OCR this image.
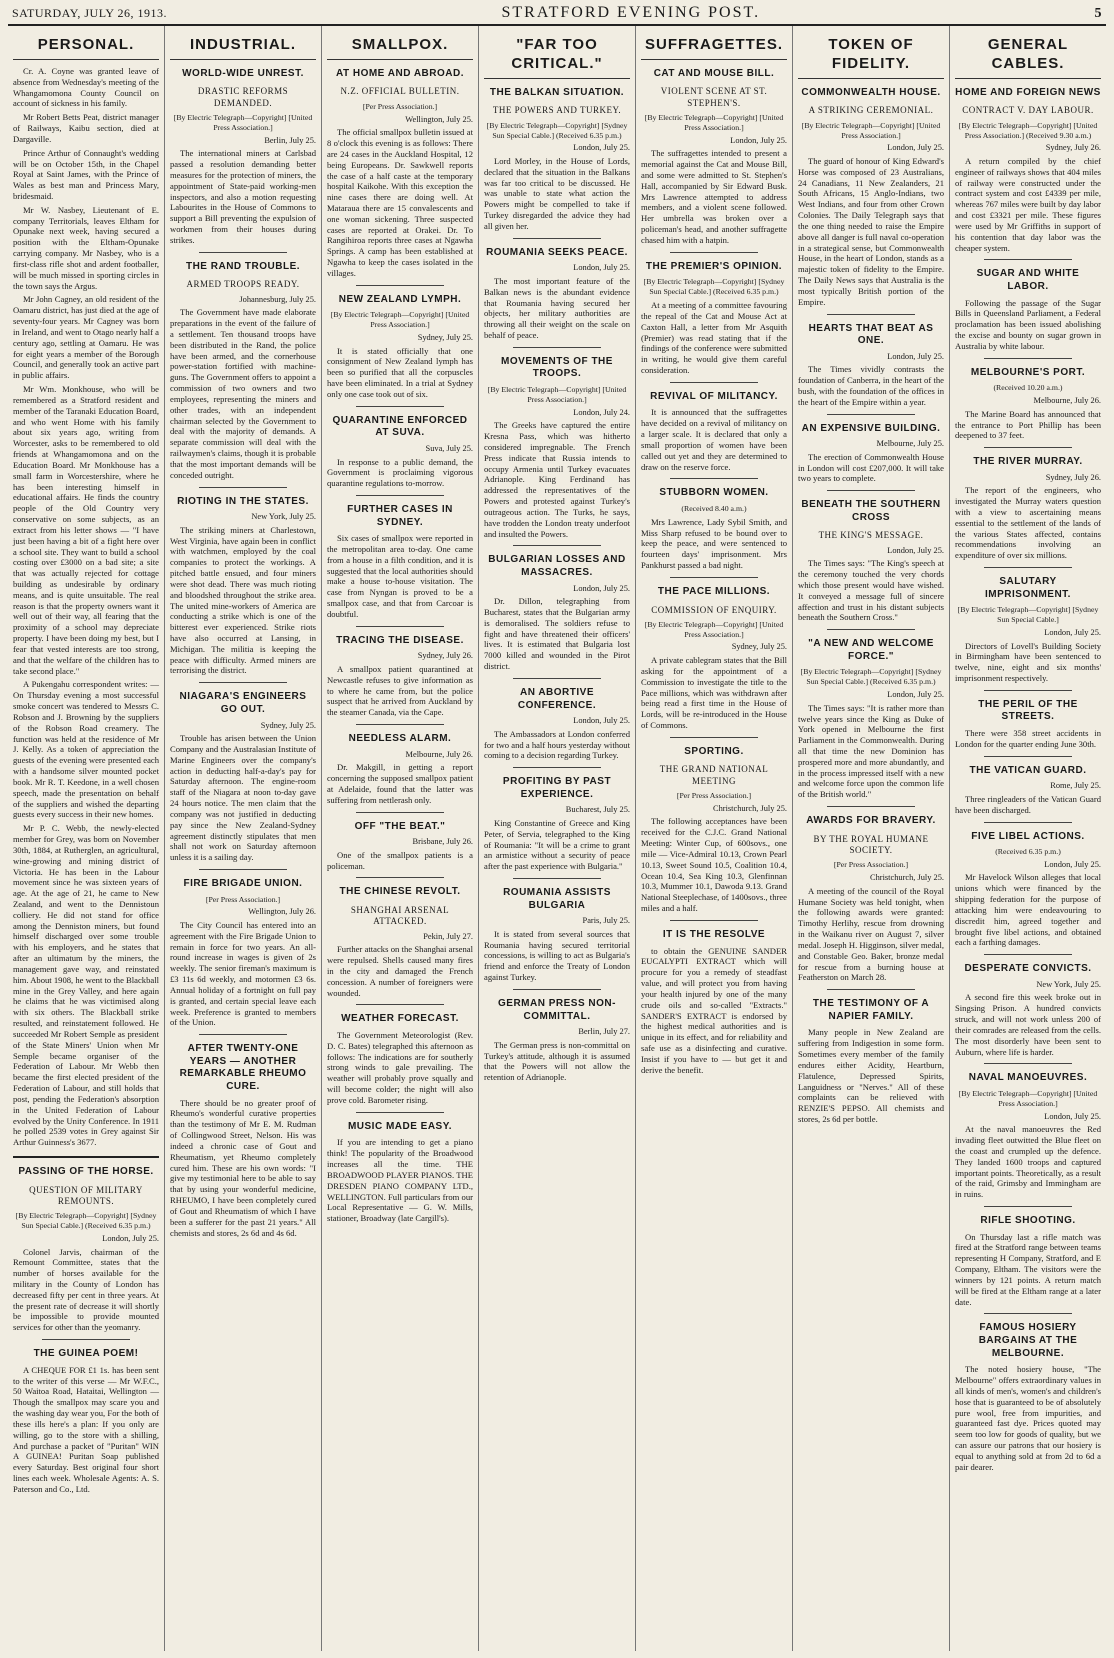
SATURDAY, JULY 26, 1913.	STRATFORD EVENING POST.	5
PERSONAL.

Cr. A. Coyne was granted leave of absence from Wednesday's meeting of the Whangamomona County Council on account of sickness in his family.

Mr Robert Betts Peat, district manager of Railways, Kaibu section, died at Dargaville.

Prince Arthur of Connaught's wedding will be on October 15th, in the Chapel Royal at Saint James, with the Prince of Wales as best man and Princess Mary, bridesmaid.

Mr W. Nasbey, Lieutenant of E. company Territorials, leaves Eltham for Opunake next week, having secured a position with the Eltham-Opunake carrying company. Mr Nasbey, who is a first-class rifle shot and ardent footballer, will be much missed in sporting circles in the town says the Argus.

Mr John Cagney, an old resident of the Oamaru district, has just died at the age of seventy-four years. Mr Cagney was born in Ireland, and went to Otago nearly half a century ago, settling at Oamaru. He was for eight years a member of the Borough Council, and generally took an active part in public affairs.

Mr Wm. Monkhouse, who will be remembered as a Stratford resident and member of the Taranaki Education Board, and who went Home with his family about six years ago, writing from Worcester, asks to be remembered to old friends at Whangamomona and on the Education Board. Mr Monkhouse has a small farm in Worcestershire, where he has been interesting himself in educational affairs. He finds the country people of the Old Country very conservative on some subjects, as an extract from his letter shows — "I have just been having a bit of a fight here over a school site. They want to build a school costing over £3000 on a bad site; a site that was actually rejected for cottage building as undesirable by ordinary means, and is quite unsuitable. The real reason is that the property owners want it well out of their way, all fearing that the proximity of a school may depreciate property. I have been doing my best, but I fear that vested interests are too strong, and that the welfare of the children has to take second place."

A Pukengahu correspondent writes: — On Thursday evening a most successful smoke concert was tendered to Messrs C. Robson and J. Browning by the suppliers of the Robson Road creamery. The function was held at the residence of Mr J. Kelly. As a token of appreciation the guests of the evening were presented each with a handsome silver mounted pocket book. Mr R. T. Keedone, in a well chosen speech, made the presentation on behalf of the suppliers and wished the departing guests every success in their new homes.

Mr P. C. Webb, the newly-elected member for Grey, was born on November 30th, 1884, at Rutherglen, an agricultural, wine-growing and mining district of Victoria. He has been in the Labour movement since he was sixteen years of age. At the age of 21, he came to New Zealand, and went to the Dennistoun colliery. He did not stand for office among the Denniston miners, but found himself discharged over some trouble with his employers, and he states that after an ultimatum by the miners, the management gave way, and reinstated him. About 1908, he went to the Blackball mine in the Grey Valley, and here again he claims that he was victimised along with six others. The Blackball strike resulted, and reinstatement followed. He succeeded Mr Robert Semple as president of the State Miners' Union when Mr Semple became organiser of the Federation of Labour. Mr Webb then became the first elected president of the Federation of Labour, and still holds that post, pending the Federation's absorption in the United Federation of Labour evolved by the Unity Conference. In 1911 he polled 2539 votes in Grey against Sir Arthur Guinness's 3677.

PASSING OF THE HORSE.
QUESTION OF MILITARY REMOUNTS.
[By Electric Telegraph—Copyright] [Sydney Sun Special Cable.] (Received 6.35 p.m.)
London, July 25.

Colonel Jarvis, chairman of the Remount Committee, states that the number of horses available for the military in the County of London has decreased fifty per cent in three years. At the present rate of decrease it will shortly be impossible to provide mounted services for other than the yeomanry.

THE GUINEA POEM!

A CHEQUE FOR £1 1s. has been sent to the writer of this verse — Mr W.F.C., 50 Waitoa Road, Hataitai, Wellington — Though the smallpox may scare you and the washing day wear you, For the both of these ills here's a plan: If you only are willing, go to the store with a shilling, And purchase a packet of "Puritan" WIN A GUINEA! Puritan Soap published every Saturday. Best original four short lines each week. Wholesale Agents: A. S. Paterson and Co., Ltd.

INDUSTRIAL.
WORLD-WIDE UNREST.
DRASTIC REFORMS DEMANDED.
[By Electric Telegraph—Copyright] [United Press Association.]
Berlin, July 25.

The international miners at Carlsbad passed a resolution demanding better measures for the protection of miners, the appointment of State-paid working-men inspectors, and also a motion requesting Labourites in the House of Commons to support a Bill preventing the expulsion of workmen from their houses during strikes.

THE RAND TROUBLE.
ARMED TROOPS READY.
Johannesburg, July 25.

The Government have made elaborate preparations in the event of the failure of a settlement. Ten thousand troops have been distributed in the Rand, the police have been armed, and the cornerhouse power-station fortified with machine-guns. The Government offers to appoint a commission of two owners and two employees, representing the miners and other trades, with an independent chairman selected by the Government to deal with the majority of demands. A separate commission will deal with the railwaymen's claims, though it is probable that the most important demands will be conceded outright.

RIOTING IN THE STATES.
New York, July 25.

The striking miners at Charlestown, West Virginia, have again been in conflict with watchmen, employed by the coal companies to protect the workings. A pitched battle ensued, and four miners were shot dead. There was much rioting and bloodshed throughout the strike area. The united mine-workers of America are conducting a strike which is one of the bitterest ever experienced. Strike riots have also occurred at Lansing, in Michigan. The militia is keeping the peace with difficulty. Armed miners are terrorising the district.

NIAGARA'S ENGINEERS GO OUT.
Sydney, July 25.

Trouble has arisen between the Union Company and the Australasian Institute of Marine Engineers over the company's action in deducting half-a-day's pay for Saturday afternoon. The engine-room staff of the Niagara at noon to-day gave 24 hours notice. The men claim that the company was not justified in deducting pay since the New Zealand-Sydney agreement distinctly stipulates that men shall not work on Saturday afternoon unless it is a sailing day.

FIRE BRIGADE UNION.
[Per Press Association.]
Wellington, July 26.

The City Council has entered into an agreement with the Fire Brigade Union to remain in force for two years. An all-round increase in wages is given of 2s weekly. The senior fireman's maximum is £3 11s 6d weekly, and motormen £3 6s. Annual holiday of a fortnight on full pay is granted, and certain special leave each week. Preference is granted to members of the Union.

AFTER TWENTY-ONE YEARS — ANOTHER REMARKABLE RHEUMO CURE.

There should be no greater proof of Rheumo's wonderful curative properties than the testimony of Mr E. M. Rudman of Collingwood Street, Nelson. His was indeed a chronic case of Gout and Rheumatism, yet Rheumo completely cured him. These are his own words: "I give my testimonial here to be able to say that by using your wonderful medicine, RHEUMO, I have been completely cured of Gout and Rheumatism of which I have been a sufferer for the past 21 years." All chemists and stores, 2s 6d and 4s 6d.

SMALLPOX.
AT HOME AND ABROAD.
N.Z. OFFICIAL BULLETIN.
[Per Press Association.]
Wellington, July 25.

The official smallpox bulletin issued at 8 o'clock this evening is as follows: There are 24 cases in the Auckland Hospital, 12 being Europeans. Dr. Sawkwell reports the case of a half caste at the temporary hospital Kaikohe. With this exception the nine cases there are doing well. At Mataraua there are 15 convalescents and one woman sickening. Three suspected cases are reported at Orakei. Dr. To Rangihiroa reports three cases at Ngawha Springs. A camp has been established at Ngawha to keep the cases isolated in the villages.

NEW ZEALAND LYMPH.
[By Electric Telegraph—Copyright] [United Press Association.]
Sydney, July 25.

It is stated officially that one consignment of New Zealand lymph has been so purified that all the corpuscles have been eliminated. In a trial at Sydney only one case took out of six.

QUARANTINE ENFORCED AT SUVA.
Suva, July 25.

In response to a public demand, the Government is proclaiming vigorous quarantine regulations to-morrow.

FURTHER CASES IN SYDNEY.

Six cases of smallpox were reported in the metropolitan area to-day. One came from a house in a filth condition, and it is suggested that the local authorities should make a house to-house visitation. The case from Nyngan is proved to be a smallpox case, and that from Carcoar is doubtful.

TRACING THE DISEASE.
Sydney, July 26.

A smallpox patient quarantined at Newcastle refuses to give information as to where he came from, but the police suspect that he arrived from Auckland by the steamer Canada, via the Cape.

NEEDLESS ALARM.
Melbourne, July 26.

Dr. Makgill, in getting a report concerning the supposed smallpox patient at Adelaide, found that the latter was suffering from nettlerash only.

OFF "THE BEAT."
Brisbane, July 26.

One of the smallpox patients is a policeman.

THE CHINESE REVOLT.
SHANGHAI ARSENAL ATTACKED.
Pekin, July 27.

Further attacks on the Shanghai arsenal were repulsed. Shells caused many fires in the city and damaged the French concession. A number of foreigners were wounded.

WEATHER FORECAST.

The Government Meteorologist (Rev. D. C. Bates) telegraphed this afternoon as follows: The indications are for southerly strong winds to gale prevailing. The weather will probably prove squally and will become colder; the night will also prove cold. Barometer rising.

MUSIC MADE EASY.

If you are intending to get a piano think! The popularity of the Broadwood increases all the time. THE BROADWOOD PLAYER PIANOS. THE DRESDEN PIANO COMPANY LTD., WELLINGTON. Full particulars from our Local Representative — G. W. Mills, stationer, Broadway (late Cargill's).

"FAR TOO CRITICAL."
THE BALKAN SITUATION.
THE POWERS AND TURKEY.
[By Electric Telegraph—Copyright] [Sydney Sun Special Cable.] (Received 6.35 p.m.)
London, July 25.

Lord Morley, in the House of Lords, declared that the situation in the Balkans was far too critical to be discussed. He was unable to state what action the Powers might be compelled to take if Turkey disregarded the advice they had all given her.

ROUMANIA SEEKS PEACE.
London, July 25.

The most important feature of the Balkan news is the abundant evidence that Roumania having secured her objects, her military authorities are throwing all their weight on the scale on behalf of peace.

MOVEMENTS OF THE TROOPS.
[By Electric Telegraph—Copyright] [United Press Association.]
London, July 24.

The Greeks have captured the entire Kresna Pass, which was hitherto considered impregnable. The French Press indicate that Russia intends to occupy Armenia until Turkey evacuates Adrianople. King Ferdinand has addressed the representatives of the Powers and protested against Turkey's outrageous action. The Turks, he says, have trodden the London treaty underfoot and insulted the Powers.

BULGARIAN LOSSES AND MASSACRES.
London, July 25.

Dr. Dillon, telegraphing from Bucharest, states that the Bulgarian army is demoralised. The soldiers refuse to fight and have threatened their officers' lives. It is estimated that Bulgaria lost 7000 killed and wounded in the Pirot district.

AN ABORTIVE CONFERENCE.
London, July 25.

The Ambassadors at London conferred for two and a half hours yesterday without coming to a decision regarding Turkey.

PROFITING BY PAST EXPERIENCE.
Bucharest, July 25.

King Constantine of Greece and King Peter, of Servia, telegraphed to the King of Roumania: "It will be a crime to grant an armistice without a security of peace after the past experience with Bulgaria."

ROUMANIA ASSISTS BULGARIA
Paris, July 25.

It is stated from several sources that Roumania having secured territorial concessions, is willing to act as Bulgaria's friend and enforce the Treaty of London against Turkey.

GERMAN PRESS NON-COMMITTAL.
Berlin, July 27.

The German press is non-committal on Turkey's attitude, although it is assumed that the Powers will not allow the retention of Adrianople.

SUFFRAGETTES.
CAT AND MOUSE BILL.
VIOLENT SCENE AT ST. STEPHEN'S.
[By Electric Telegraph—Copyright] [United Press Association.]
London, July 25.

The suffragettes intended to present a memorial against the Cat and Mouse Bill, and some were admitted to St. Stephen's Hall, accompanied by Sir Edward Busk. Mrs Lawrence attempted to address members, and a violent scene followed. Her umbrella was broken over a policeman's head, and another suffragette chased him with a hatpin.

THE PREMIER'S OPINION.
[By Electric Telegraph—Copyright] [Sydney Sun Special Cable.] (Received 6.35 p.m.)

At a meeting of a committee favouring the repeal of the Cat and Mouse Act at Caxton Hall, a letter from Mr Asquith (Premier) was read stating that if the findings of the conference were submitted in writing, he would give them careful consideration.

REVIVAL OF MILITANCY.

It is announced that the suffragettes have decided on a revival of militancy on a larger scale. It is declared that only a small proportion of women have been called out yet and they are determined to draw on the reserve force.

STUBBORN WOMEN.
(Received 8.40 a.m.)

Mrs Lawrence, Lady Sybil Smith, and Miss Sharp refused to be bound over to keep the peace, and were sentenced to fourteen days' imprisonment. Mrs Pankhurst passed a bad night.

THE PACE MILLIONS.
COMMISSION OF ENQUIRY.
[By Electric Telegraph—Copyright] [United Press Association.]
Sydney, July 25.

A private cablegram states that the Bill asking for the appointment of a Commission to investigate the title to the Pace millions, which was withdrawn after being read a first time in the House of Lords, will be re-introduced in the House of Commons.

SPORTING.
THE GRAND NATIONAL MEETING
[Per Press Association.]
Christchurch, July 25.

The following acceptances have been received for the C.J.C. Grand National Meeting: Winter Cup, of 600sovs., one mile — Vice-Admiral 10.13, Crown Pearl 10.13, Sweet Sound 10.5, Coalition 10.4, Ocean 10.4, Sea King 10.3, Glenfinnan 10.3, Mummer 10.1, Dawoda 9.13. Grand National Steeplechase, of 1400sovs., three miles and a half.

IT IS THE RESOLVE

to obtain the GENUINE SANDER EUCALYPTI EXTRACT which will procure for you a remedy of steadfast value, and will protect you from having your health injured by one of the many crude oils and so-called "Extracts." SANDER'S EXTRACT is endorsed by the highest medical authorities and is unique in its effect, and for reliability and safe use as a disinfecting and curative. Insist if you have to — but get it and derive the benefit.

TOKEN OF FIDELITY.
COMMONWEALTH HOUSE.
A STRIKING CEREMONIAL.
[By Electric Telegraph—Copyright] [United Press Association.]
London, July 25.

The guard of honour of King Edward's Horse was composed of 23 Australians, 24 Canadians, 11 New Zealanders, 21 South Africans, 15 Anglo-Indians, two West Indians, and four from other Crown Colonies. The Daily Telegraph says that the one thing needed to raise the Empire above all danger is full naval co-operation in a strategical sense, but Commonwealth House, in the heart of London, stands as a majestic token of fidelity to the Empire. The Daily News says that Australia is the most typically British portion of the Empire.

HEARTS THAT BEAT AS ONE.
London, July 25.

The Times vividly contrasts the foundation of Canberra, in the heart of the bush, with the foundation of the offices in the heart of the Empire within a year.

AN EXPENSIVE BUILDING.
Melbourne, July 25.

The erection of Commonwealth House in London will cost £207,000. It will take two years to complete.

BENEATH THE SOUTHERN CROSS
THE KING'S MESSAGE.
London, July 25.

The Times says: "The King's speech at the ceremony touched the very chords which those present would have wished. It conveyed a message full of sincere affection and trust in his distant subjects beneath the Southern Cross."

"A NEW AND WELCOME FORCE."
[By Electric Telegraph—Copyright] [Sydney Sun Special Cable.] (Received 6.35 p.m.)
London, July 25.

The Times says: "It is rather more than twelve years since the King as Duke of York opened in Melbourne the first Parliament in the Commonwealth. During all that time the new Dominion has prospered more and more abundantly, and in the process impressed itself with a new and welcome force upon the common life of the British world."

AWARDS FOR BRAVERY.
BY THE ROYAL HUMANE SOCIETY.
[Per Press Association.]
Christchurch, July 25.

A meeting of the council of the Royal Humane Society was held tonight, when the following awards were granted: Timothy Herlihy, rescue from drowning in the Waikanu river on August 7, silver medal. Joseph H. Higginson, silver medal, and Constable Geo. Baker, bronze medal for rescue from a burning house at Featherston on March 28.

THE TESTIMONY OF A NAPIER FAMILY.

Many people in New Zealand are suffering from Indigestion in some form. Sometimes every member of the family endures either Acidity, Heartburn, Flatulence, Depressed Spirits, Languidness or "Nerves." All of these complaints can be relieved with RENZIE'S PEPSO. All chemists and stores, 2s 6d per bottle.

GENERAL CABLES.
HOME AND FOREIGN NEWS
CONTRACT V. DAY LABOUR.
[By Electric Telegraph—Copyright] [United Press Association.] (Received 9.30 a.m.)
Sydney, July 26.

A return compiled by the chief engineer of railways shows that 404 miles of railway were constructed under the contract system and cost £4339 per mile, whereas 767 miles were built by day labor and cost £3321 per mile. These figures were used by Mr Griffiths in support of his contention that day labor was the cheaper system.

SUGAR AND WHITE LABOR.

Following the passage of the Sugar Bills in Queensland Parliament, a Federal proclamation has been issued abolishing the excise and bounty on sugar grown in Australia by white labour.

MELBOURNE'S PORT.
(Received 10.20 a.m.)
Melbourne, July 26.

The Marine Board has announced that the entrance to Port Phillip has been deepened to 37 feet.

THE RIVER MURRAY.
Sydney, July 26.

The report of the engineers, who investigated the Murray waters question with a view to ascertaining means essential to the settlement of the lands of the various States affected, contains recommendations involving an expenditure of over six millions.

SALUTARY IMPRISONMENT.
[By Electric Telegraph—Copyright] [Sydney Sun Special Cable.]
London, July 25.

Directors of Lovell's Building Society in Birmingham have been sentenced to twelve, nine, eight and six months' imprisonment respectively.

THE PERIL OF THE STREETS.

There were 358 street accidents in London for the quarter ending June 30th.

THE VATICAN GUARD.
Rome, July 25.

Three ringleaders of the Vatican Guard have been discharged.

FIVE LIBEL ACTIONS.
(Received 6.35 p.m.)
London, July 25.

Mr Havelock Wilson alleges that local unions which were financed by the shipping federation for the purpose of attacking him were endeavouring to discredit him, agreed together and brought five libel actions, and obtained each a farthing damages.

DESPERATE CONVICTS.
New York, July 25.

A second fire this week broke out in Singsing Prison. A hundred convicts struck, and will not work unless 200 of their comrades are released from the cells. The most disorderly have been sent to Auburn, where life is harder.

NAVAL MANOEUVRES.
[By Electric Telegraph—Copyright] [United Press Association.]
London, July 25.

At the naval manoeuvres the Red invading fleet outwitted the Blue fleet on the coast and crumpled up the defence. They landed 1600 troops and captured important points. Theoretically, as a result of the raid, Grimsby and Immingham are in ruins.

RIFLE SHOOTING.

On Thursday last a rifle match was fired at the Stratford range between teams representing H Company, Stratford, and E Company, Eltham. The visitors were the winners by 121 points. A return match will be fired at the Eltham range at a later date.

FAMOUS HOSIERY BARGAINS AT THE MELBOURNE.

The noted hosiery house, "The Melbourne" offers extraordinary values in all kinds of men's, women's and children's hose that is guaranteed to be of absolutely pure wool, free from impurities, and guaranteed fast dye. Prices quoted may seem too low for goods of quality, but we can assure our patrons that our hosiery is equal to anything sold at from 2d to 6d a pair dearer.
